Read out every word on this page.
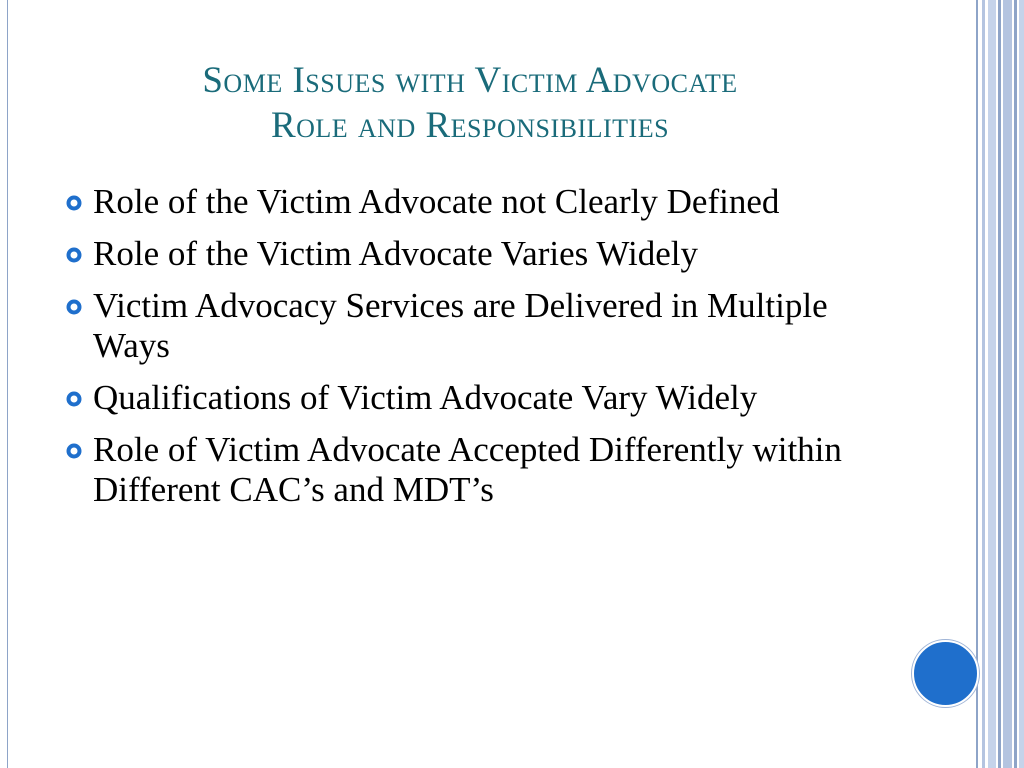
Some Issues with Victim Advocate
Role and Responsibilities
Role of the Victim Advocate not Clearly Defined
Role of the Victim Advocate Varies Widely
Victim Advocacy Services are Delivered in Multiple Ways
Qualifications of Victim Advocate Vary Widely
Role of Victim Advocate Accepted Differently within Different CAC’s and MDT’s
